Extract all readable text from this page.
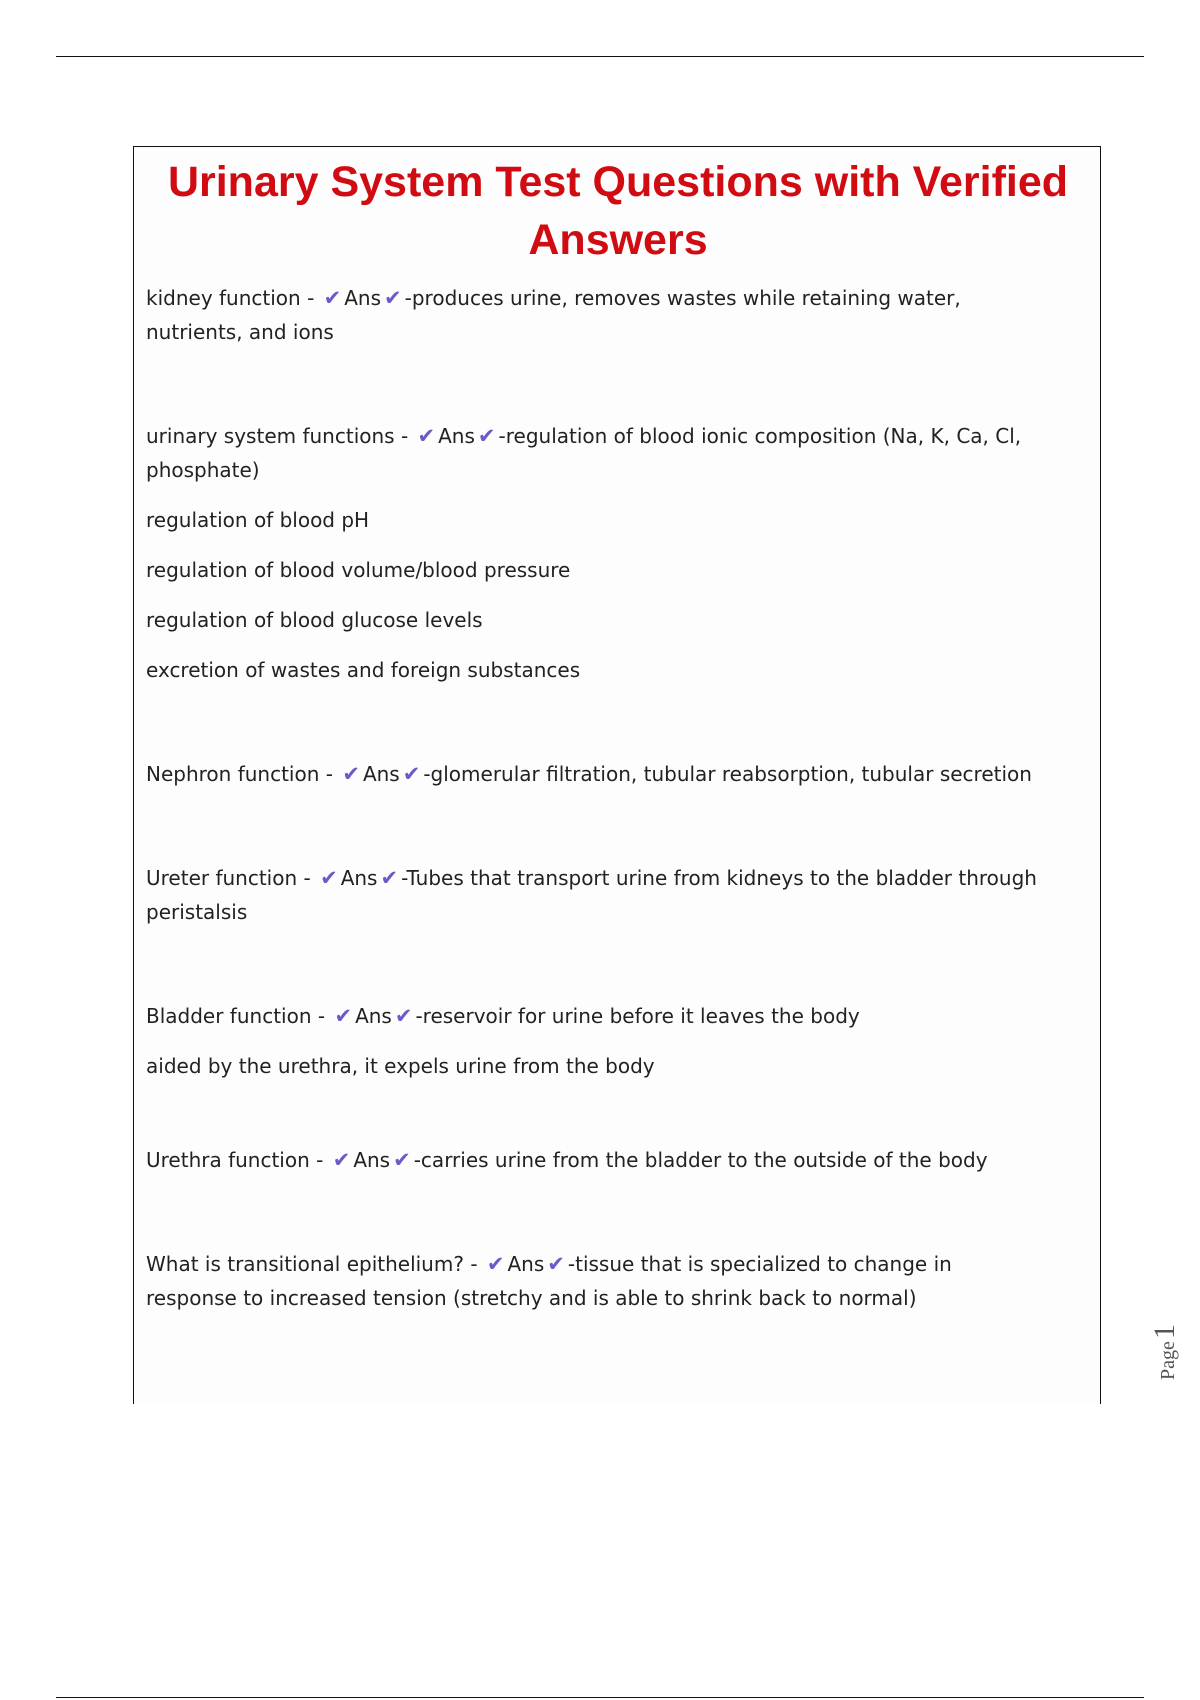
Urinary System Test Questions with Verified Answers

kidney function - ✔ Ans ✔ -produces urine, removes wastes while retaining water,

nutrients, and ions

urinary system functions - ✔ Ans ✔ -regulation of blood ionic composition (Na, K, Ca, Cl,

phosphate)

regulation of blood pH

regulation of blood volume/blood pressure

regulation of blood glucose levels

excretion of wastes and foreign substances

Nephron function - ✔ Ans ✔ -glomerular filtration, tubular reabsorption, tubular secretion

Ureter function - ✔ Ans ✔ -Tubes that transport urine from kidneys to the bladder through

peristalsis

Bladder function - ✔ Ans ✔ -reservoir for urine before it leaves the body

aided by the urethra, it expels urine from the body

Urethra function - ✔ Ans ✔ -carries urine from the bladder to the outside of the body

What is transitional epithelium? - ✔ Ans ✔ -tissue that is specialized to change in

response to increased tension (stretchy and is able to shrink back to normal)

Page1
